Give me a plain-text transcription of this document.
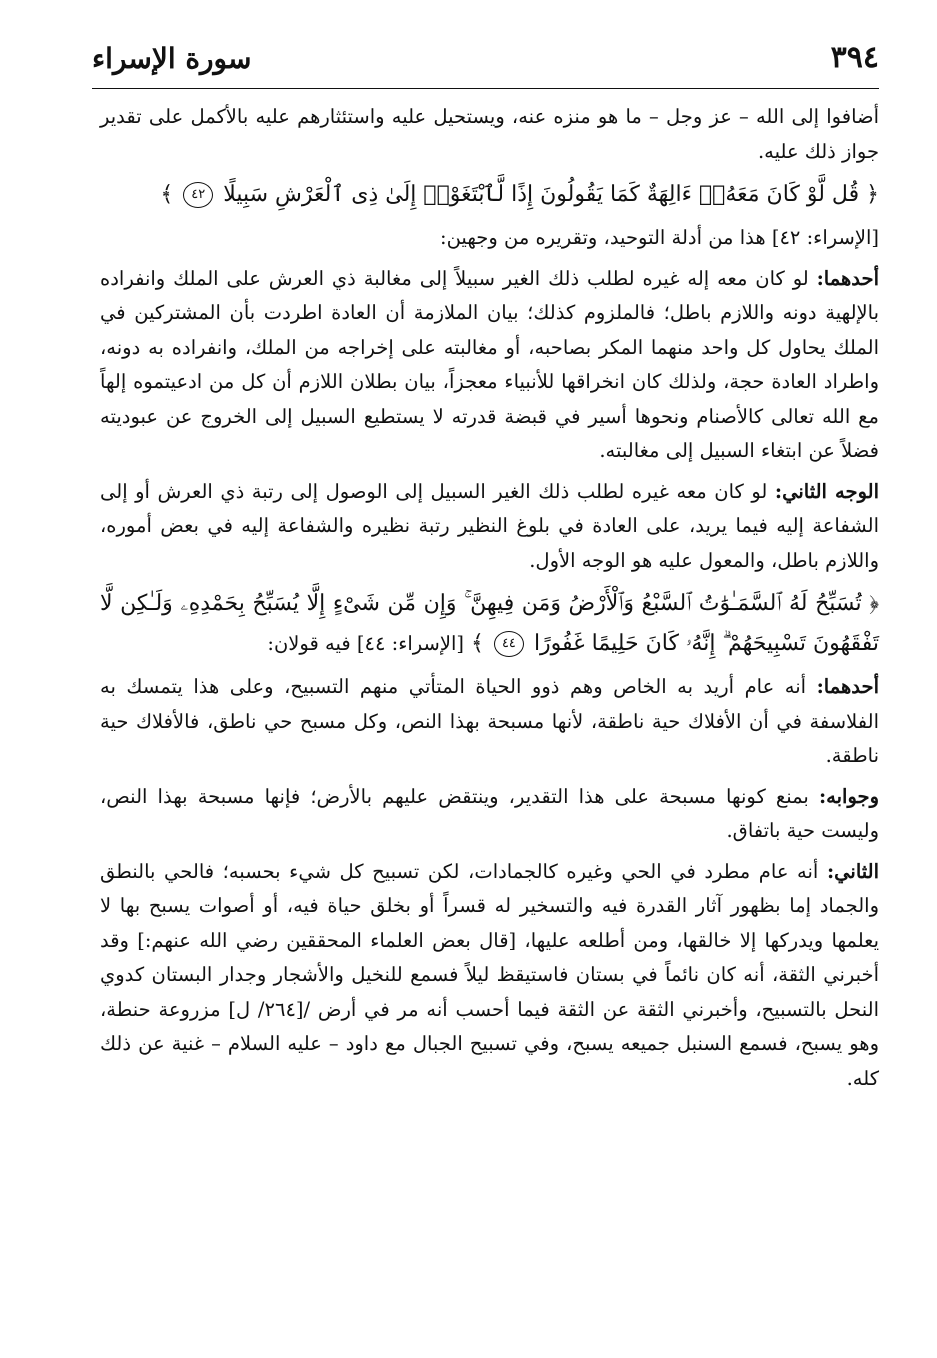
٣٩٤
سورة الإسراء

أضافوا إلى الله – عز وجل – ما هو منزه عنه، ويستحيل عليه واستئثارهم عليه بالأكمل على تقدير جواز ذلك عليه.

﴿ قُل لَّوْ كَانَ مَعَهُۥٓ ءَالِهَةٌ كَمَا يَقُولُونَ إِذًا لَّٱبْتَغَوْا۟ إِلَىٰ ذِى ٱلْعَرْشِ سَبِيلًا ٤٢ ﴾

[الإسراء: ٤٢] هذا من أدلة التوحيد، وتقريره من وجهين:

أحدهما: لو كان معه إله غيره لطلب ذلك الغير سبيلاً إلى مغالبة ذي العرش على الملك وانفراده بالإلهية دونه واللازم باطل؛ فالملزوم كذلك؛ بيان الملازمة أن العادة اطردت بأن المشتركين في الملك يحاول كل واحد منهما المكر بصاحبه، أو مغالبته على إخراجه من الملك، وانفراده به دونه، واطراد العادة حجة، ولذلك كان انخراقها للأنبياء معجزاً، بيان بطلان اللازم أن كل من ادعيتموه إلهاً مع الله تعالى كالأصنام ونحوها أسير في قبضة قدرته لا يستطيع السبيل إلى الخروج عن عبوديته فضلاً عن ابتغاء السبيل إلى مغالبته.

الوجه الثاني: لو كان معه غيره لطلب ذلك الغير السبيل إلى الوصول إلى رتبة ذي العرش أو إلى الشفاعة إليه فيما يريد، على العادة في بلوغ النظير رتبة نظيره والشفاعة إليه في بعض أموره، واللازم باطل، والمعول عليه هو الوجه الأول.

﴿ تُسَبِّحُ لَهُ ٱلسَّمَـٰوَٰتُ ٱلسَّبْعُ وَٱلْأَرْضُ وَمَن فِيهِنَّ ۚ وَإِن مِّن شَىْءٍ إِلَّا يُسَبِّحُ بِحَمْدِهِۦ وَلَـٰكِن لَّا تَفْقَهُونَ تَسْبِيحَهُمْ ۗ إِنَّهُۥ كَانَ حَلِيمًا غَفُورًا ٤٤ ﴾ [الإسراء: ٤٤] فيه قولان:

أحدهما: أنه عام أريد به الخاص وهم ذوو الحياة المتأتي منهم التسبيح، وعلى هذا يتمسك به الفلاسفة في أن الأفلاك حية ناطقة، لأنها مسبحة بهذا النص، وكل مسبح حي ناطق، فالأفلاك حية ناطقة.

وجوابه: بمنع كونها مسبحة على هذا التقدير، وينتقض عليهم بالأرض؛ فإنها مسبحة بهذا النص، وليست حية باتفاق.

الثاني: أنه عام مطرد في الحي وغيره كالجمادات، لكن تسبيح كل شيء بحسبه؛ فالحي بالنطق والجماد إما بظهور آثار القدرة فيه والتسخير له قسراً أو بخلق حياة فيه، أو أصوات يسبح بها لا يعلمها ويدركها إلا خالقها، ومن أطلعه عليها، [قال بعض العلماء المحققين رضي الله عنهم:] وقد أخبرني الثقة، أنه كان نائماً في بستان فاستيقظ ليلاً فسمع للنخيل والأشجار وجدار البستان كدوي النحل بالتسبيح، وأخبرني الثقة عن الثقة فيما أحسب أنه مر في أرض /[٢٦٤/ ل] مزروعة حنطة، وهو يسبح، فسمع السنبل جميعه يسبح، وفي تسبيح الجبال مع داود – عليه السلام – غنية عن ذلك كله.
